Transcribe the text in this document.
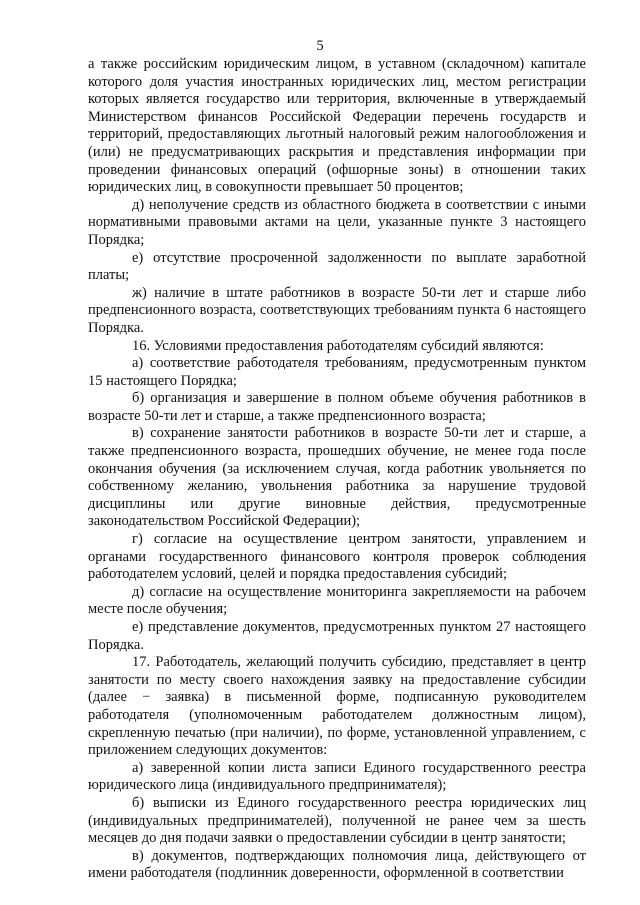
5

а также российским юридическим лицом, в уставном (складочном) капитале которого доля участия иностранных юридических лиц, местом регистрации которых является государство или территория, включенные в утверждаемый Министерством финансов Российской Федерации перечень государств и территорий, предоставляющих льготный налоговый режим налогообложения и (или) не предусматривающих раскрытия и представления информации при проведении финансовых операций (офшорные зоны) в отношении таких юридических лиц, в совокупности превышает 50 процентов;

д) неполучение средств из областного бюджета в соответствии с иными нормативными правовыми актами на цели, указанные пункте 3 настоящего Порядка;

е) отсутствие просроченной задолженности по выплате заработной платы;

ж) наличие в штате работников в возрасте 50-ти лет и старше либо предпенсионного возраста, соответствующих требованиям пункта 6 настоящего Порядка.

16. Условиями предоставления работодателям субсидий являются:

а) соответствие работодателя требованиям, предусмотренным пунктом 15 настоящего Порядка;

б) организация и завершение в полном объеме обучения работников в возрасте 50-ти лет и старше, а также предпенсионного возраста;

в) сохранение занятости работников в возрасте 50-ти лет и старше, а также предпенсионного возраста, прошедших обучение, не менее года после окончания обучения (за исключением случая, когда работник увольняется по собственному желанию, увольнения работника за нарушение трудовой дисциплины или другие виновные действия, предусмотренные законодательством Российской Федерации);

г) согласие на осуществление центром занятости, управлением и органами государственного финансового контроля проверок соблюдения работодателем условий, целей и порядка предоставления субсидий;

д) согласие на осуществление мониторинга закрепляемости на рабочем месте после обучения;

е) представление документов, предусмотренных пунктом 27 настоящего Порядка.

17. Работодатель, желающий получить субсидию, представляет в центр занятости по месту своего нахождения заявку на предоставление субсидии (далее − заявка) в письменной форме, подписанную руководителем работодателя (уполномоченным работодателем должностным лицом), скрепленную печатью (при наличии), по форме, установленной управлением, с приложением следующих документов:

а) заверенной копии листа записи Единого государственного реестра юридического лица (индивидуального предпринимателя);

б) выписки из Единого государственного реестра юридических лиц (индивидуальных предпринимателей), полученной не ранее чем за шесть месяцев до дня подачи заявки о предоставлении субсидии в центр занятости;

в) документов, подтверждающих полномочия лица, действующего от имени работодателя (подлинник доверенности, оформленной в соответствии
